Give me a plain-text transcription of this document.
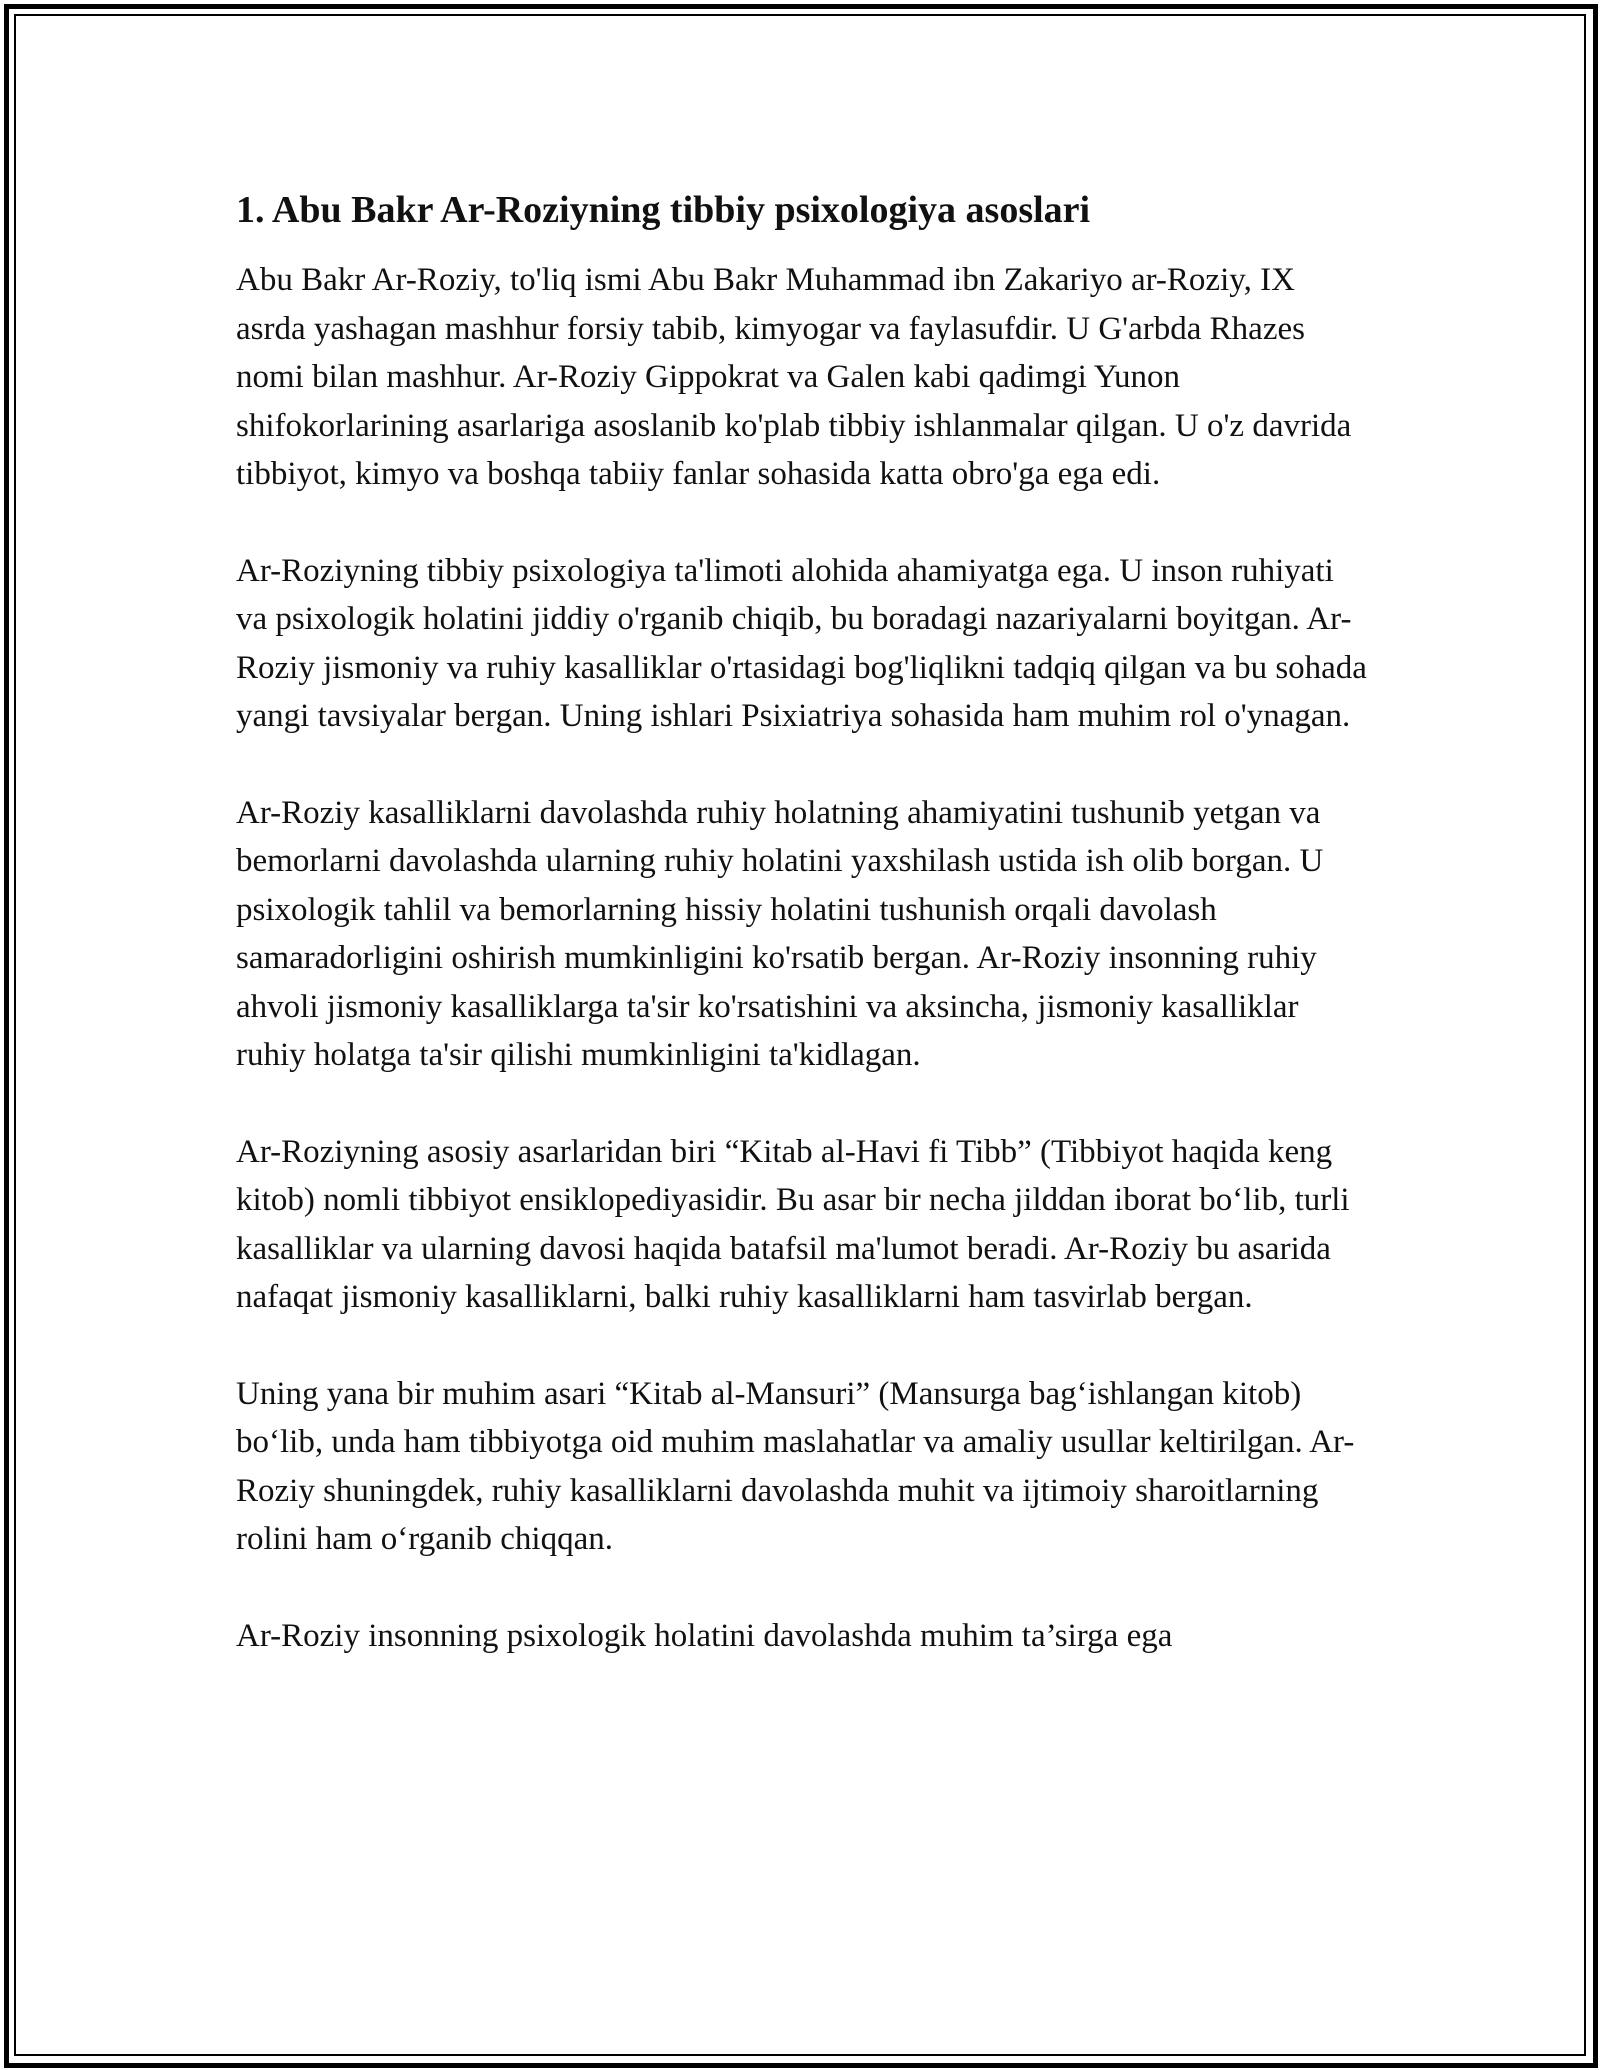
1. Abu Bakr Ar-Roziyning tibbiy psixologiya asoslari

Abu Bakr Ar-Roziy, to'liq ismi Abu Bakr Muhammad ibn Zakariyo ar-Roziy, IX asrda yashagan mashhur forsiy tabib, kimyogar va faylasufdir. U G'arbda Rhazes nomi bilan mashhur. Ar-Roziy Gippokrat va Galen kabi qadimgi Yunon shifokorlarining asarlariga asoslanib ko'plab tibbiy ishlanmalar qilgan. U o'z davrida tibbiyot, kimyo va boshqa tabiiy fanlar sohasida katta obro'ga ega edi.

Ar-Roziyning tibbiy psixologiya ta'limoti alohida ahamiyatga ega. U inson ruhiyati va psixologik holatini jiddiy o'rganib chiqib, bu boradagi nazariyalarni boyitgan. Ar-Roziy jismoniy va ruhiy kasalliklar o'rtasidagi bog'liqlikni tadqiq qilgan va bu sohada yangi tavsiyalar bergan. Uning ishlari Psixiatriya sohasida ham muhim rol o'ynagan.

Ar-Roziy kasalliklarni davolashda ruhiy holatning ahamiyatini tushunib yetgan va bemorlarni davolashda ularning ruhiy holatini yaxshilash ustida ish olib borgan. U psixologik tahlil va bemorlarning hissiy holatini tushunish orqali davolash samaradorligini oshirish mumkinligini ko'rsatib bergan. Ar-Roziy insonning ruhiy ahvoli jismoniy kasalliklarga ta'sir ko'rsatishini va aksincha, jismoniy kasalliklar ruhiy holatga ta'sir qilishi mumkinligini ta'kidlagan.

Ar-Roziyning asosiy asarlaridan biri “Kitab al-Havi fi Tibb” (Tibbiyot haqida keng kitob) nomli tibbiyot ensiklopediyasidir. Bu asar bir necha jilddan iborat boʻlib, turli kasalliklar va ularning davosi haqida batafsil ma'lumot beradi. Ar-Roziy bu asarida nafaqat jismoniy kasalliklarni, balki ruhiy kasalliklarni ham tasvirlab bergan.

Uning yana bir muhim asari “Kitab al-Mansuri” (Mansurga bagʻishlangan kitob) boʻlib, unda ham tibbiyotga oid muhim maslahatlar va amaliy usullar keltirilgan. Ar-Roziy shuningdek, ruhiy kasalliklarni davolashda muhit va ijtimoiy sharoitlarning rolini ham oʻrganib chiqqan.

Ar-Roziy insonning psixologik holatini davolashda muhim ta’sirga ega
